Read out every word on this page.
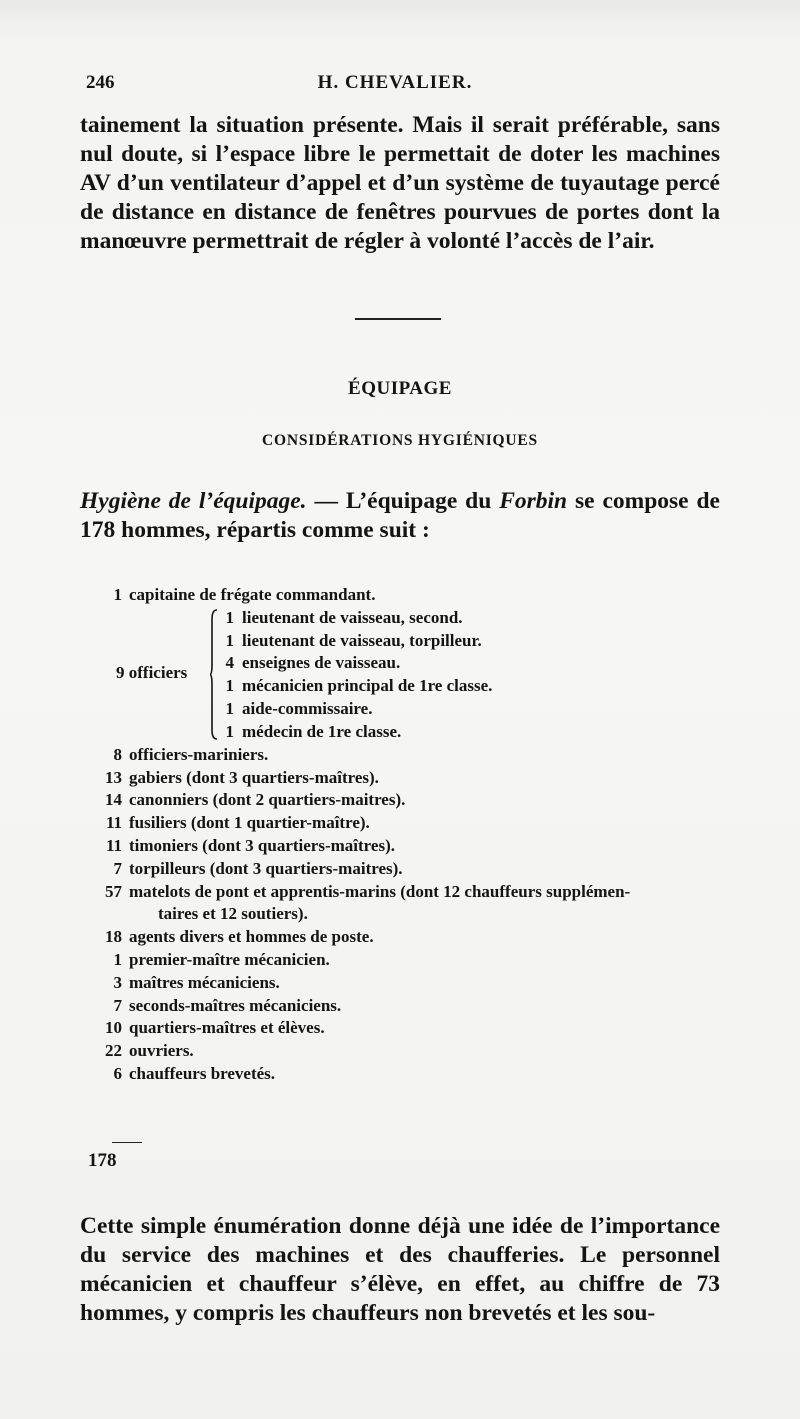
246	H. CHEVALIER.

tainement la situation présente. Mais il serait préférable, sans nul doute, si l’espace libre le permettait de doter les machines AV d’un ventilateur d’appel et d’un système de tuyautage percé de distance en distance de fenêtres pourvues de portes dont la manœuvre permettrait de régler à volonté l’accès de l’air.

ÉQUIPAGE
CONSIDÉRATIONS HYGIÉNIQUES

Hygiène de l’équipage. — L’équipage du Forbin se compose de 178 hommes, répartis comme suit :

1 capitaine de frégate commandant.
9 officiers
1 lieutenant de vaisseau, second.
1 lieutenant de vaisseau, torpilleur.
4 enseignes de vaisseau.
1 mécanicien principal de 1re classe.
1 aide-commissaire.
1 médecin de 1re classe.
8 officiers-mariniers.
13 gabiers (dont 3 quartiers-maîtres).
14 canonniers (dont 2 quartiers-maitres).
11 fusiliers (dont 1 quartier-maître).
11 timoniers (dont 3 quartiers-maîtres).
7 torpilleurs (dont 3 quartiers-maitres).
57 matelots de pont et apprentis-marins (dont 12 chauffeurs supplémen-
taires et 12 soutiers).
18 agents divers et hommes de poste.
1 premier-maître mécanicien.
3 maîtres mécaniciens.
7 seconds-maîtres mécaniciens.
10 quartiers-maîtres et élèves.
22 ouvriers.
6 chauffeurs brevetés.
178

Cette simple énumération donne déjà une idée de l’importance du service des machines et des chaufferies. Le personnel mécanicien et chauffeur s’élève, en effet, au chiffre de 73 hommes, y compris les chauffeurs non brevetés et les sou-
